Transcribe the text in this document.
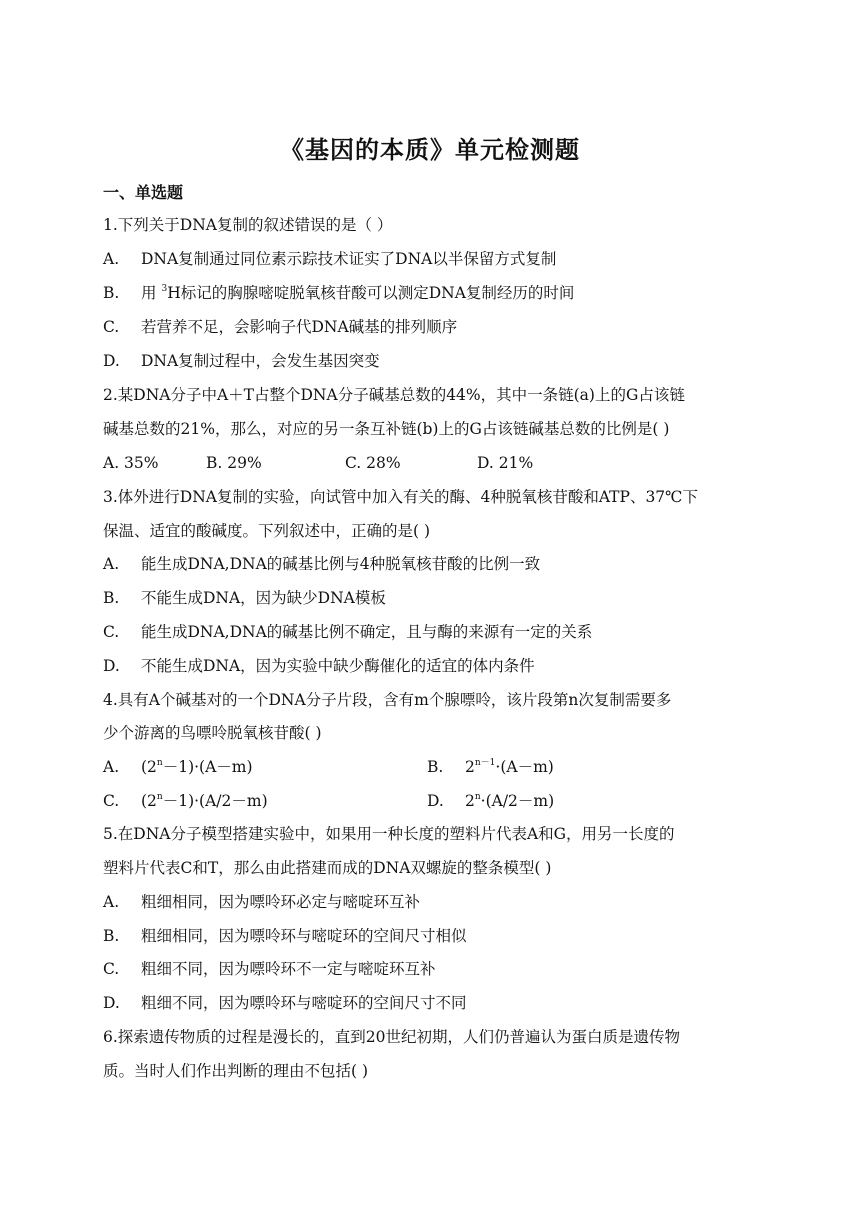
《基因的本质》单元检测题
一、单选题
1.下列关于DNA复制的叙述错误的是（ ）
A. DNA复制通过同位素示踪技术证实了DNA以半保留方式复制
B. 用 $^3$H标记的胸腺嘧啶脱氧核苷酸可以测定DNA复制经历的时间
C. 若营养不足，会影响子代DNA碱基的排列顺序
D. DNA复制过程中，会发生基因突变
2.某DNA分子中A＋T占整个DNA分子碱基总数的44%，其中一条链(a)上的G占该链
碱基总数的21%，那么，对应的另一条互补链(b)上的G占该链碱基总数的比例是( )
A. 35%	B. 29%	C. 28%	D. 21%
3.体外进行DNA复制的实验，向试管中加入有关的酶、4种脱氧核苷酸和ATP、37℃下
保温、适宜的酸碱度。下列叙述中，正确的是( )
A. 能生成DNA,DNA的碱基比例与4种脱氧核苷酸的比例一致
B. 不能生成DNA，因为缺少DNA模板
C. 能生成DNA,DNA的碱基比例不确定，且与酶的来源有一定的关系
D. 不能生成DNA，因为实验中缺少酶催化的适宜的体内条件
4.具有A个碱基对的一个DNA分子片段，含有m个腺嘌呤，该片段第n次复制需要多
少个游离的鸟嘌呤脱氧核苷酸( )
A. $(2^n-1)\cdot(A-m)$	B. $2^{n-1}\cdot(A-m)$
C. $(2^n-1)\cdot(A/2-m)$	D. $2^n\cdot(A/2-m)$
5.在DNA分子模型搭建实验中，如果用一种长度的塑料片代表A和G，用另一长度的
塑料片代表C和T，那么由此搭建而成的DNA双螺旋的整条模型( )
A. 粗细相同，因为嘌呤环必定与嘧啶环互补
B. 粗细相同，因为嘌呤环与嘧啶环的空间尺寸相似
C. 粗细不同，因为嘌呤环不一定与嘧啶环互补
D. 粗细不同，因为嘌呤环与嘧啶环的空间尺寸不同
6.探索遗传物质的过程是漫长的，直到20世纪初期，人们仍普遍认为蛋白质是遗传物
质。当时人们作出判断的理由不包括( )
